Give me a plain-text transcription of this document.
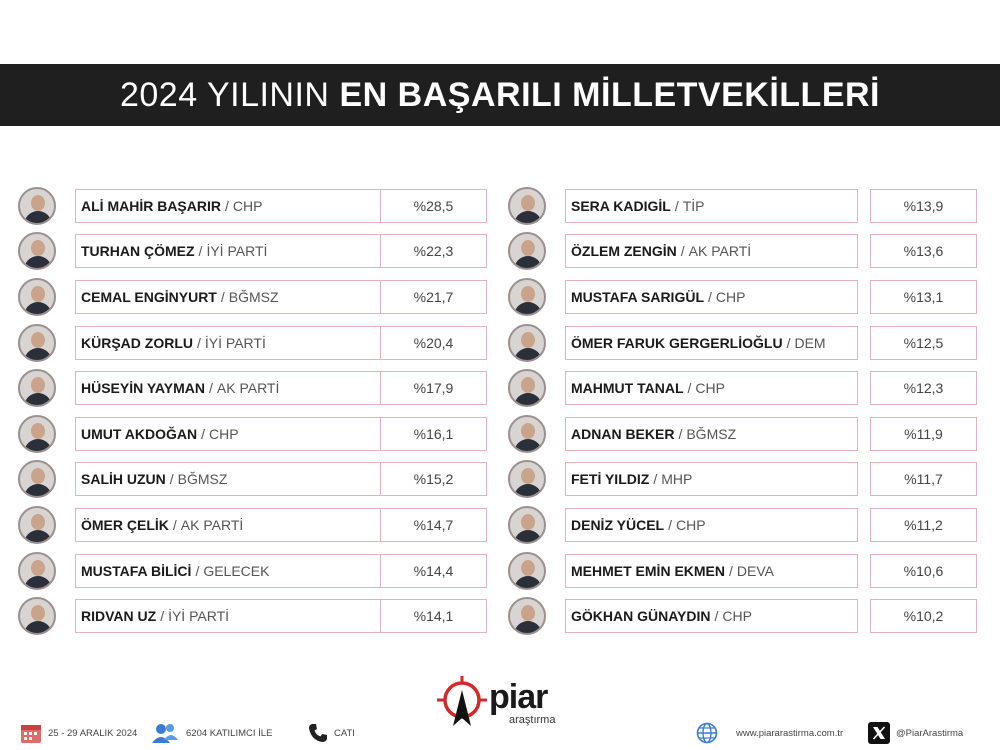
2024 YILININ EN BAŞARILI MİLLETVEKİLLERİ
ALİ MAHİR BAŞARIR / CHP	%28,5
TURHAN ÇÖMEZ / İYİ PARTİ	%22,3
CEMAL ENGİNYURT / BĞMSZ	%21,7
KÜRŞAD ZORLU / İYİ PARTİ	%20,4
HÜSEYİN YAYMAN / AK PARTİ	%17,9
UMUT AKDOĞAN / CHP	%16,1
SALİH UZUN / BĞMSZ	%15,2
ÖMER ÇELİK / AK PARTİ	%14,7
MUSTAFA BİLİCİ / GELECEK	%14,4
RIDVAN UZ / İYİ PARTİ	%14,1
SERA KADIGİL / TİP	%13,9
ÖZLEM ZENGİN / AK PARTİ	%13,6
MUSTAFA SARIGÜL / CHP	%13,1
ÖMER FARUK GERGERLİOĞLU / DEM	%12,5
MAHMUT TANAL / CHP	%12,3
ADNAN BEKER / BĞMSZ	%11,9
FETİ YILDIZ / MHP	%11,7
DENİZ YÜCEL / CHP	%11,2
MEHMET EMİN EKMEN / DEVA	%10,6
GÖKHAN GÜNAYDIN / CHP	%10,2
piar
araştırma
25 - 29 ARALIK 2024	6204 KATILIMCI İLE	CATI	www.piararastirma.com.tr	@PiarArastirma
